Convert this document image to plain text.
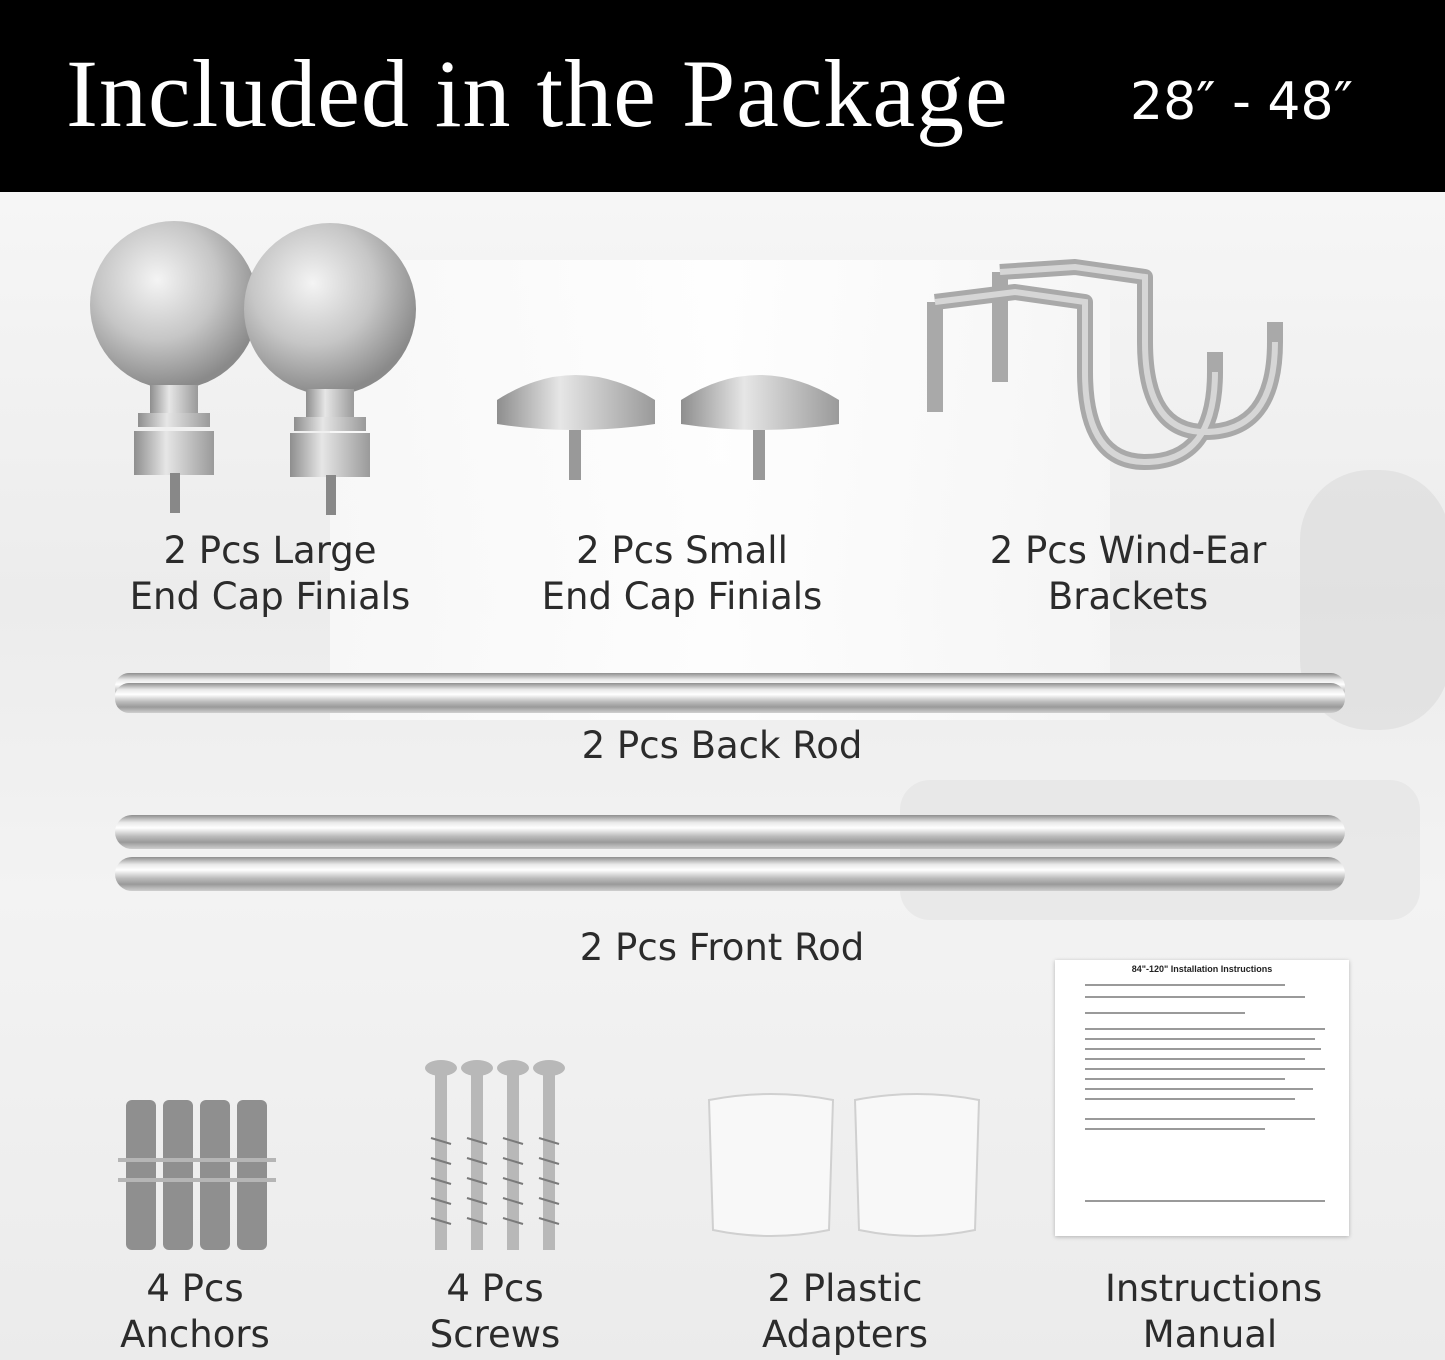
Included in the Package 28″ - 48″
2 Pcs Large
End Cap Finials
2 Pcs Small
End Cap Finials
2 Pcs Wind-Ear
Brackets
2 Pcs Back Rod
2 Pcs Front Rod
4 Pcs
Anchors
4 Pcs
Screws
2 Plastic
Adapters
84"-120" Installation Instructions
Instructions
Manual
